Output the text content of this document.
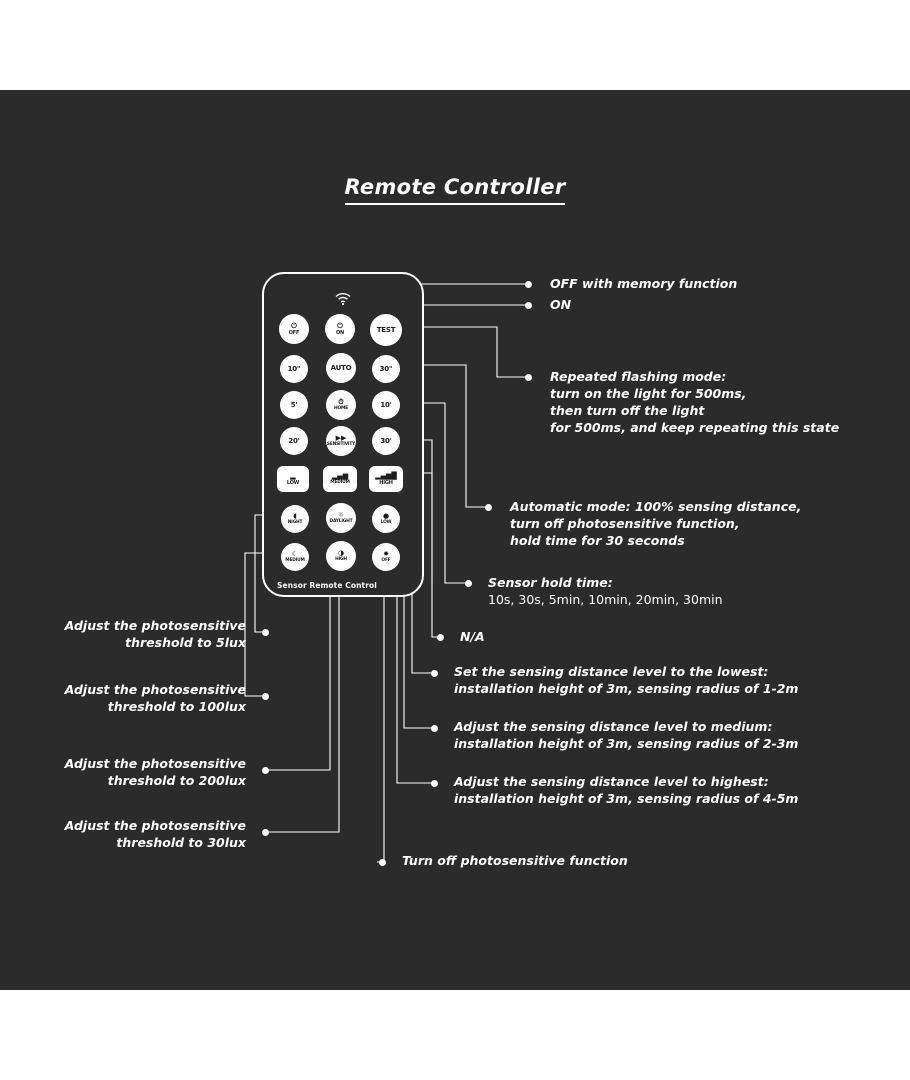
Remote Controller
⏻
OFF
⏻
ON	TEST
10"	AUTO	30"
5'	⏱
HOME	10'
20'	▶▶
SENSITIVITY	30'
▂
LOW
▂▄▆
MEDIUM
▂▄▆█
HIGH
◖
NIGHT
☼
DAYLIGHT
●
LOW
☾
MEDIUM
◑
HIGH
✸
OFF
Sensor Remote Control
OFF with memory function
ON
Repeated flashing mode:
turn on the light for 500ms,
then turn off the light
for 500ms, and keep repeating this state
Automatic mode: 100% sensing distance,
turn off photosensitive function,
hold time for 30 seconds
Sensor hold time:
10s, 30s, 5min, 10min, 20min, 30min
N/A
Set the sensing distance level to the lowest:
installation height of 3m, sensing radius of 1-2m
Adjust the sensing distance level to medium:
installation height of 3m, sensing radius of 2-3m
Adjust the sensing distance level to highest:
installation height of 3m, sensing radius of 4-5m
Turn off photosensitive function
Adjust the photosensitive
threshold to 5lux
Adjust the photosensitive
threshold to 100lux
Adjust the photosensitive
threshold to 200lux
Adjust the photosensitive
threshold to 30lux
